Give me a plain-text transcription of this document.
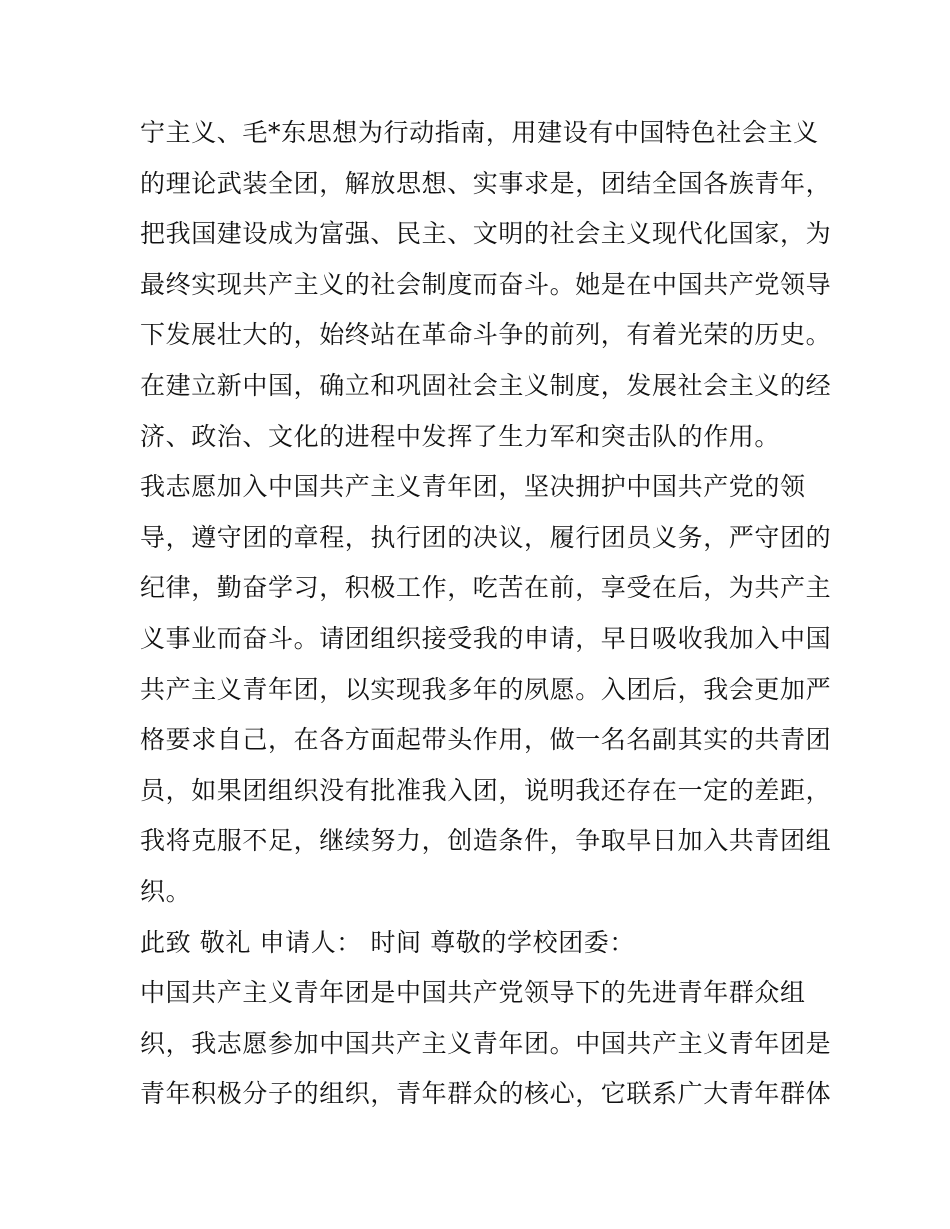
宁主义、毛*东思想为行动指南，用建设有中国特色社会主义
的理论武装全团，解放思想、实事求是，团结全国各族青年，
把我国建设成为富强、民主、文明的社会主义现代化国家，为
最终实现共产主义的社会制度而奋斗。她是在中国共产党领导
下发展壮大的，始终站在革命斗争的前列，有着光荣的历史。
在建立新中国，确立和巩固社会主义制度，发展社会主义的经
济、政治、文化的进程中发挥了生力军和突击队的作用。
我志愿加入中国共产主义青年团，坚决拥护中国共产党的领
导，遵守团的章程，执行团的决议，履行团员义务，严守团的
纪律，勤奋学习，积极工作，吃苦在前，享受在后，为共产主
义事业而奋斗。请团组织接受我的申请，早日吸收我加入中国
共产主义青年团，以实现我多年的夙愿。入团后，我会更加严
格要求自己，在各方面起带头作用，做一名名副其实的共青团
员，如果团组织没有批准我入团，说明我还存在一定的差距，
我将克服不足，继续努力，创造条件，争取早日加入共青团组
织。
此致 敬礼 申请人： 时间 尊敬的学校团委：
中国共产主义青年团是中国共产党领导下的先进青年群众组
织，我志愿参加中国共产主义青年团。中国共产主义青年团是
青年积极分子的组织，青年群众的核心，它联系广大青年群体
